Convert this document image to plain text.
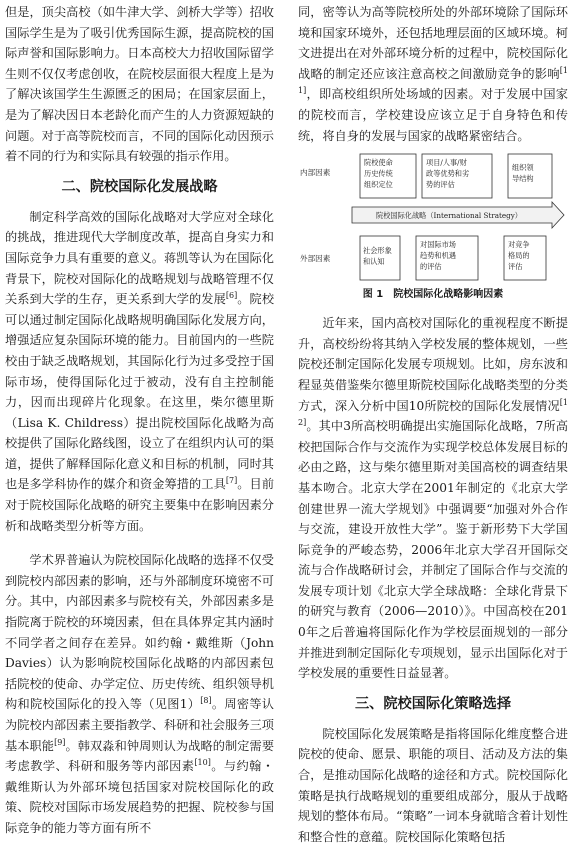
但是，顶尖高校（如牛津大学、剑桥大学等）招收国际学生是为了吸引优秀国际生源，提高院校的国际声誉和国际影响力。日本高校大力招收国际留学生则不仅仅考虑创收，在院校层面很大程度上是为了解决该国学生生源匮乏的困局；在国家层面上，是为了解决因日本老龄化而产生的人力资源短缺的问题。对于高等院校而言，不同的国际化动因预示着不同的行为和实际具有较强的指示作用。

二、院校国际化发展战略

制定科学高效的国际化战略对大学应对全球化的挑战，推进现代大学制度改革，提高自身实力和国际竞争力具有重要的意义。蒋凯等认为在国际化背景下，院校对国际化的战略规划与战略管理不仅关系到大学的生存，更关系到大学的发展[6]。院校可以通过制定国际化战略规明确国际化发展方向，增强适应复杂国际环境的能力。目前国内的一些院校由于缺乏战略规划，其国际化行为过多受控于国际市场，使得国际化过于被动，没有自主控制能力，因而出现碎片化现象。在这里，柴尔德里斯（Lisa K. Childress）提出院校国际化战略为高校提供了国际化路线图，设立了在组织内认可的渠道，提供了解释国际化意义和目标的机制，同时其也是多学科协作的媒介和资金筹措的工具[7]。目前对于院校国际化战略的研究主要集中在影响因素分析和战略类型分析等方面。

学术界普遍认为院校国际化战略的选择不仅受到院校内部因素的影响，还与外部制度环境密不可分。其中，内部因素多与院校有关，外部因素多是指院离于院校的环境因素，但在具体界定其内涵时不同学者之间存在差异。如约翰・戴维斯（John Davies）认为影响院校国际化战略的内部因素包括院校的使命、办学定位、历史传统、组织领导机构和院校国际化的投入等（见图1）[8]。周密等认为院校内部因素主要指教学、科研和社会服务三项基本职能[9]。韩双淼和钟周则认为战略的制定需要考虑教学、科研和服务等内部因素[10]。与约翰・戴维斯认为外部环境包括国家对院校国际化的政策、院校对国际市场发展趋势的把握、院校参与国际竞争的能力等方面有所不

同，密等认为高等院校所处的外部环境除了国际环境和国家环境外，还包括地理层面的区域环境。柯文进提出在对外部环境分析的过程中，院校国际化战略的制定还应该注意高校之间激励竞争的影响[11]，即高校组织所处场域的因素。对于发展中国家的院校而言，学校建设应该立足于自身特色和传统，将自身的发展与国家的战略紧密结合。

内部因素
外部因素
院校使命
历史传统
组织定位
项目/人事/财
政等优势和劣
势的评估
组织领
导结构
院校国际化战略（International Strategy）
社会形象
和认知
对国际市场
趋势和机遇
的评估
对竞争
格局的
评估
图 1　 院校国际化战略影响因素

近年来，国内高校对国际化的重视程度不断提升，高校纷纷将其纳入学校发展的整体规划，一些院校还制定国际化发展专项规划。比如，房东波和程显英借鉴柴尔德里斯院校国际化战略类型的分类方式，深入分析中国10所院校的国际化发展情况[12]。其中3所高校明确提出实施国际化战略，7所高校把国际合作与交流作为实现学校总体发展目标的必由之路，这与柴尔德里斯对美国高校的调查结果基本吻合。北京大学在2001年制定的《北京大学创建世界一流大学规划》中强调要“加强对外合作与交流，建设开放性大学”。鉴于新形势下大学国际竞争的严峻态势，2006年北京大学召开国际交流与合作战略研讨会，并制定了国际合作与交流的发展专项计划《北京大学全球战略：全球化背景下的研究与教育（2006—2010）》。中国高校在2010年之后普遍将国际化作为学校层面规划的一部分并推进到制定国际化专项规划，显示出国际化对于学校发展的重要性日益显著。

三、院校国际化策略选择

院校国际化发展策略是指将国际化维度整合进院校的使命、愿景、职能的项目、活动及方法的集合，是推动国际化战略的途径和方式。院校国际化策略是执行战略规划的重要组成部分，服从于战略规划的整体布局。“策略”一词本身就暗含着计划性和整合性的意蕴。院校国际化策略包括
